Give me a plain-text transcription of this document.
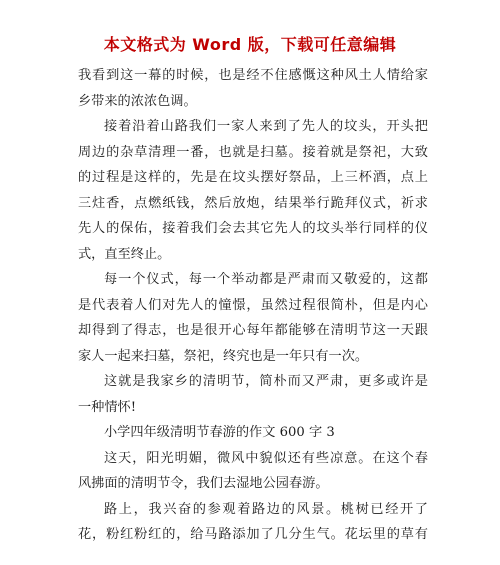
本文格式为 Word 版，下载可任意编辑
我看到这一幕的时候，也是经不住感慨这种风土人情给家
乡带来的浓浓色调。
接着沿着山路我们一家人来到了先人的坟头，开头把
周边的杂草清理一番，也就是扫墓。接着就是祭祀，大致
的过程是这样的，先是在坟头摆好祭品，上三杯酒，点上
三炷香，点燃纸钱，然后放炮，结果举行跪拜仪式，祈求
先人的保佑，接着我们会去其它先人的坟头举行同样的仪
式，直至终止。
每一个仪式，每一个举动都是严肃而又敬爱的，这都
是代表着人们对先人的憧憬，虽然过程很简朴，但是内心
却得到了得志，也是很开心每年都能够在清明节这一天跟
家人一起来扫墓，祭祀，终究也是一年只有一次。
这就是我家乡的清明节，简朴而又严肃，更多或许是
一种情怀!
小学四年级清明节春游的作文 600 字 3
这天，阳光明媚，微风中貌似还有些凉意。在这个春
风拂面的清明节令，我们去湿地公园春游。
路上，我兴奋的参观着路边的风景。桃树已经开了
花，粉红粉红的，给马路添加了几分生气。花坛里的草有
